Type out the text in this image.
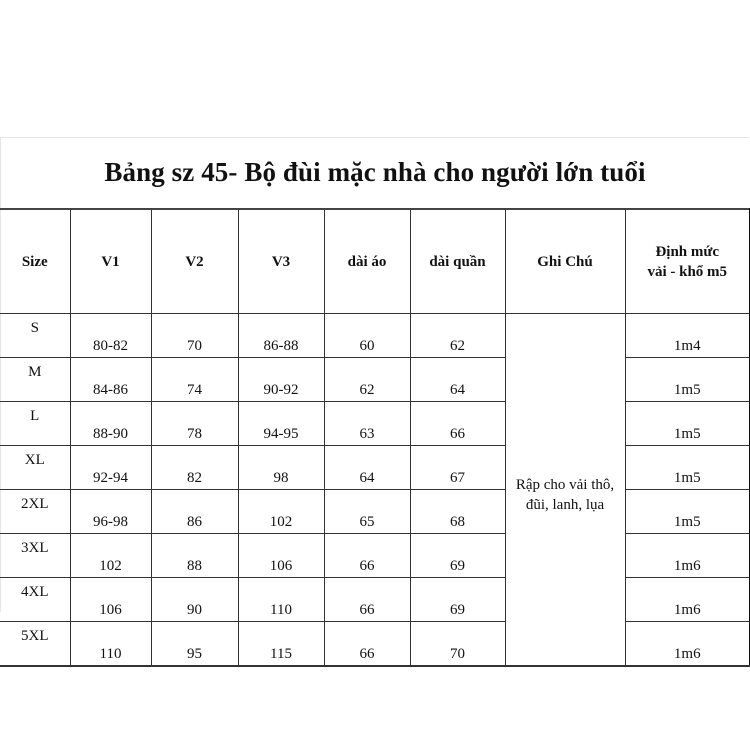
Bảng sz 45- Bộ đùi mặc nhà cho người lớn tuổi
Size	V1	V2	V3	dài áo	dài quần	Ghi Chú	Định mức
vải - khổ m5
S	80-82	70	86-88	60	62	Rập cho vải thô,
đũi, lanh, lụa	1m4
M	84-86	74	90-92	62	64		1m5
L	88-90	78	94-95	63	66		1m5
XL	92-94	82	98	64	67		1m5
2XL	96-98	86	102	65	68		1m5
3XL	102	88	106	66	69		1m6
4XL	106	90	110	66	69		1m6
5XL	110	95	115	66	70		1m6
